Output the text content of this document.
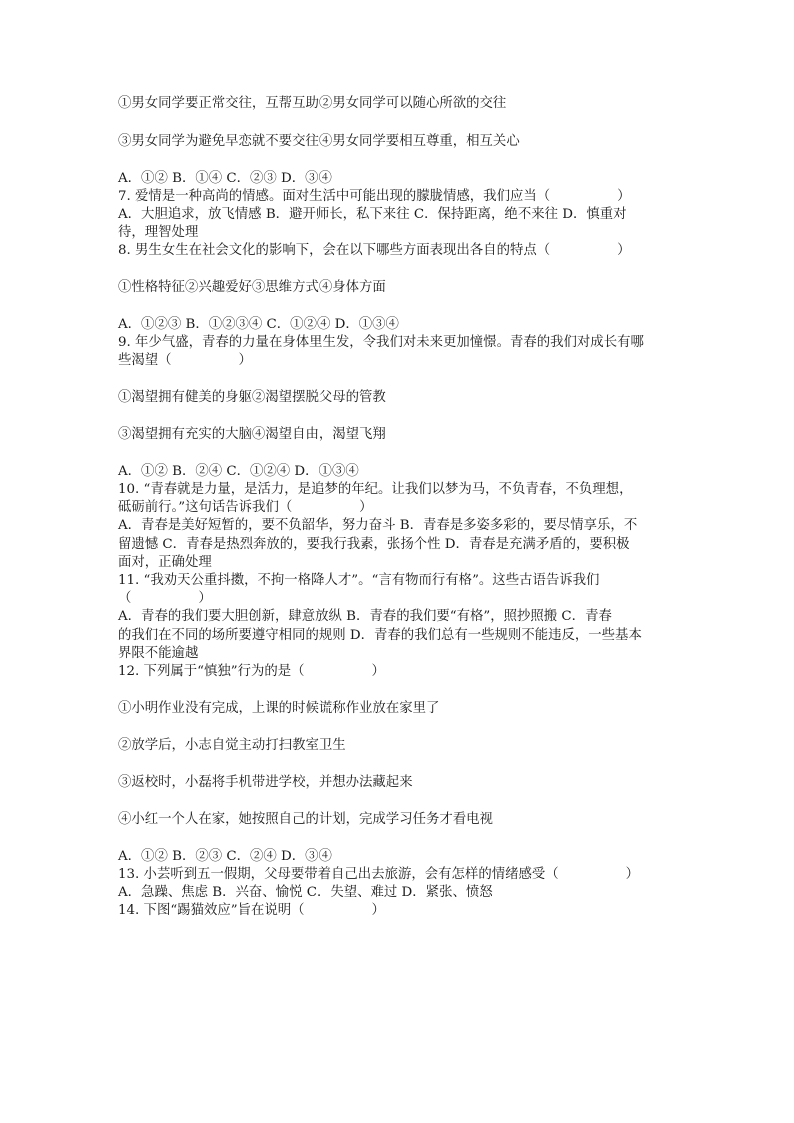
①男女同学要正常交往，互帮互助②男女同学可以随心所欲的交往
③男女同学为避免早恋就不要交往④男女同学要相互尊重，相互关心
A．①② B．①④ C．②③ D．③④
7. 爱情是一种高尚的情感。面对生活中可能出现的朦胧情感，我们应当（　　　　　）
A．大胆追求，放飞情感 B．避开师长，私下来往 C．保持距离，绝不来往 D．慎重对
待，理智处理
8. 男生女生在社会文化的影响下，会在以下哪些方面表现出各自的特点（　　　　　）
①性格特征②兴趣爱好③思维方式④身体方面
A．①②③ B．①②③④ C．①②④ D．①③④
9. 年少气盛，青春的力量在身体里生发，令我们对未来更加憧憬。青春的我们对成长有哪
些渴望（　　　　　）
①渴望拥有健美的身躯②渴望摆脱父母的管教
③渴望拥有充实的大脑④渴望自由，渴望飞翔
A．①② B．②④ C．①②④ D．①③④
10. “青春就是力量，是活力，是追梦的年纪。让我们以梦为马，不负青春，不负理想，
砥砺前行。”这句话告诉我们（　　　　　）
A．青春是美好短暂的，要不负韶华，努力奋斗 B．青春是多姿多彩的，要尽情享乐，不
留遗憾 C．青春是热烈奔放的，要我行我素，张扬个性 D．青春是充满矛盾的，要积极
面对，正确处理
11. “我劝天公重抖擞，不拘一格降人才”。“言有物而行有格”。这些古语告诉我们
（　　　　　）
A．青春的我们要大胆创新，肆意放纵 B．青春的我们要“有格”，照抄照搬 C．青春
的我们在不同的场所要遵守相同的规则 D．青春的我们总有一些规则不能违反，一些基本
界限不能逾越
12. 下列属于“慎独”行为的是（　　　　　）
①小明作业没有完成，上课的时候谎称作业放在家里了
②放学后，小志自觉主动打扫教室卫生
③返校时，小磊将手机带进学校，并想办法藏起来
④小红一个人在家，她按照自己的计划，完成学习任务才看电视
A．①② B．②③ C．②④ D．③④
13. 小芸听到五一假期，父母要带着自己出去旅游，会有怎样的情绪感受（　　　　　）
A．急躁、焦虑 B．兴奋、愉悦 C．失望、难过 D．紧张、愤怒
14. 下图“踢猫效应”旨在说明（　　　　　）
